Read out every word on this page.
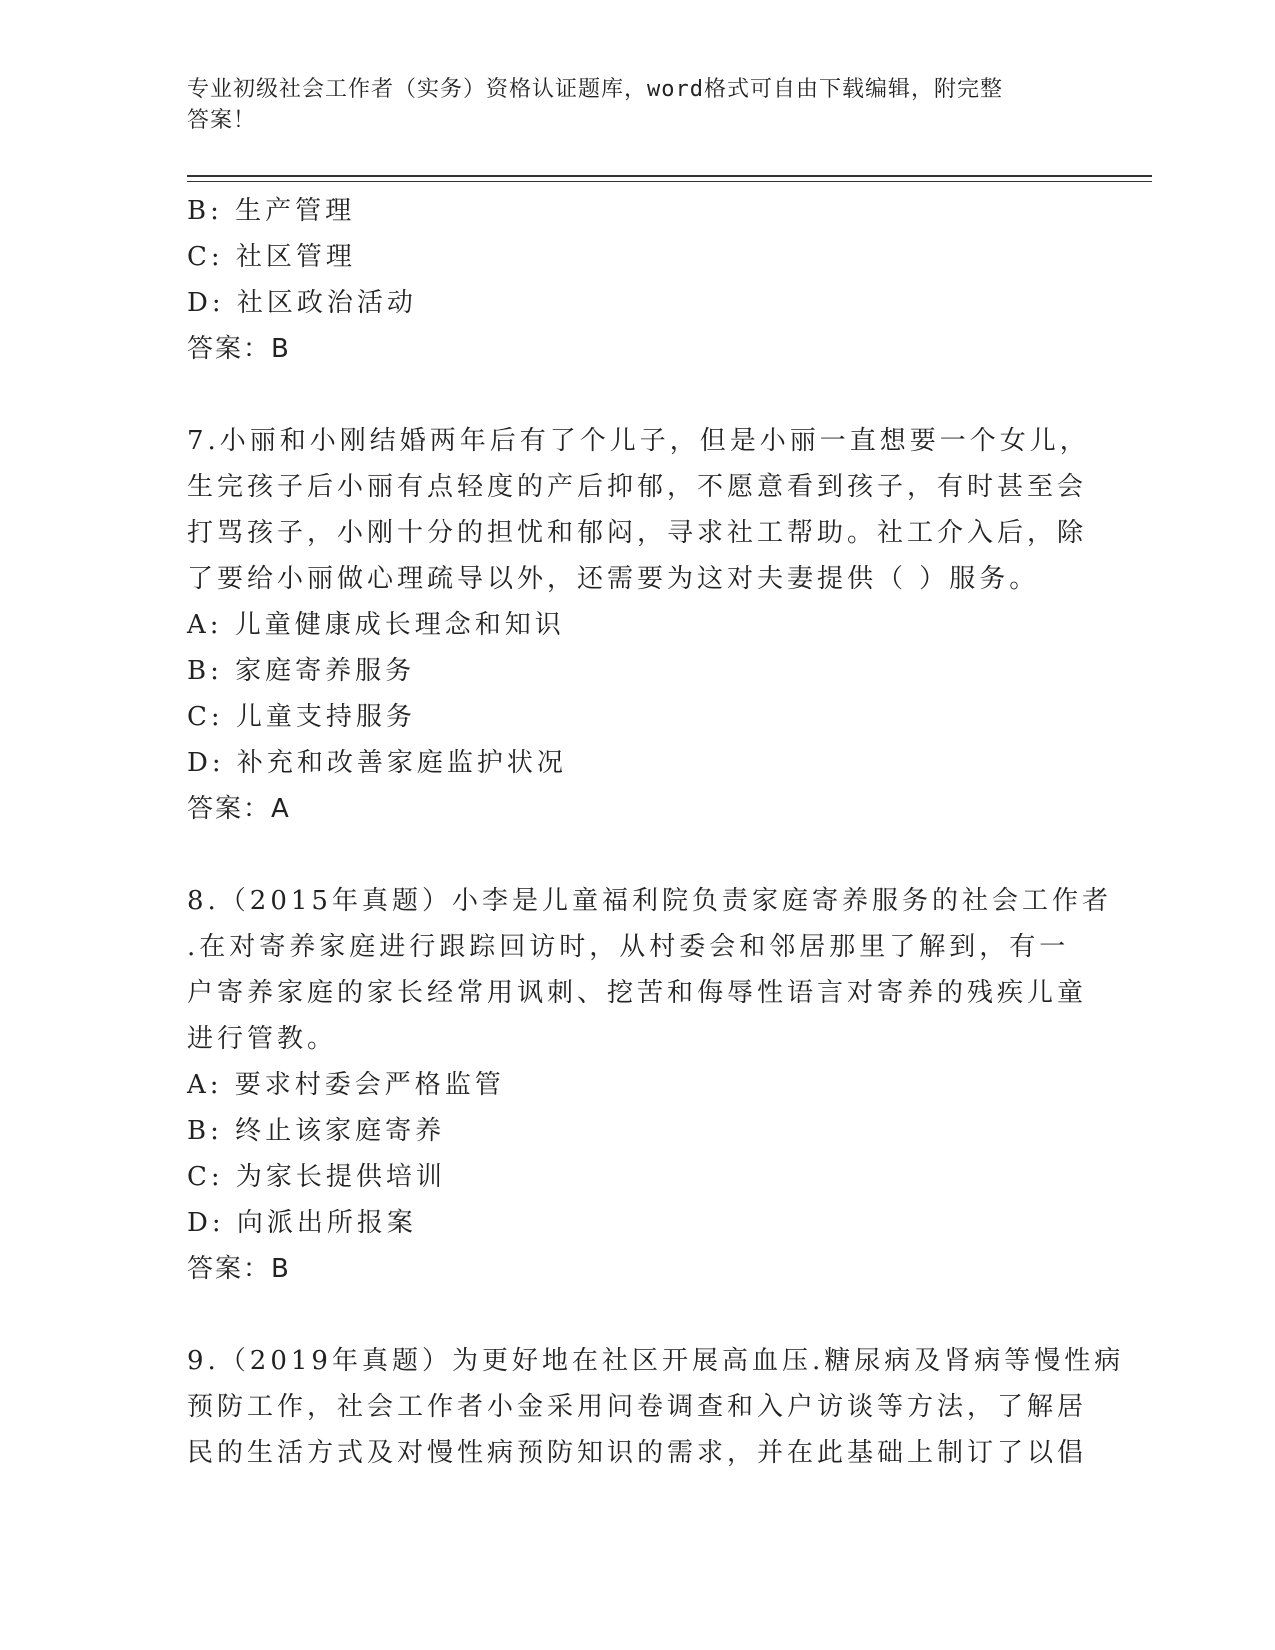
专业初级社会工作者（实务）资格认证题库，word格式可自由下载编辑，附完整
答案！
B: 生产管理
C: 社区管理
D: 社区政治活动
答案：B
7.小丽和小刚结婚两年后有了个儿子，但是小丽一直想要一个女儿，
生完孩子后小丽有点轻度的产后抑郁，不愿意看到孩子，有时甚至会
打骂孩子，小刚十分的担忧和郁闷，寻求社工帮助。社工介入后，除
了要给小丽做心理疏导以外，还需要为这对夫妻提供（ ）服务。
A: 儿童健康成长理念和知识
B: 家庭寄养服务
C: 儿童支持服务
D: 补充和改善家庭监护状况
答案：A
8.（2015年真题）小李是儿童福利院负责家庭寄养服务的社会工作者
.在对寄养家庭进行跟踪回访时，从村委会和邻居那里了解到，有一
户寄养家庭的家长经常用讽刺、挖苦和侮辱性语言对寄养的残疾儿童
进行管教。
A: 要求村委会严格监管
B: 终止该家庭寄养
C: 为家长提供培训
D: 向派出所报案
答案：B
9.（2019年真题）为更好地在社区开展高血压.糖尿病及肾病等慢性病
预防工作，社会工作者小金采用问卷调查和入户访谈等方法，了解居
民的生活方式及对慢性病预防知识的需求，并在此基础上制订了以倡
